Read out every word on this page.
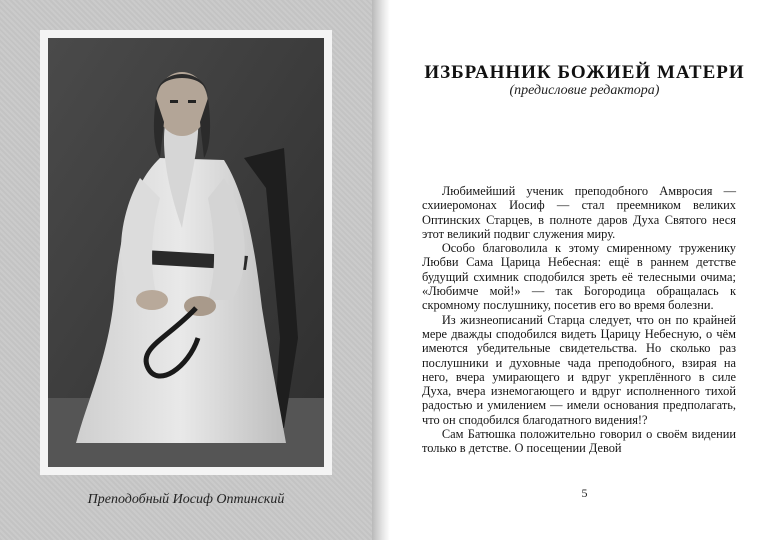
Преподобный Иосиф Оптинский
ИЗБРАННИК БОЖИЕЙ МАТЕРИ
(предисловие редактора)

Любимейший ученик преподобного Амвросия — схииеромонах Иосиф — стал преемником великих Оптинских Старцев, в полноте даров Духа Святого неся этот великий подвиг служения миру.

Особо благоволила к этому смиренному труженику Любви Сама Царица Небесная: ещё в раннем детстве будущий схимник сподобился зреть её телесными очима; «Любимче мой!» — так Богородица обращалась к скромному послушнику, посетив его во время болезни.

Из жизнеописаний Старца следует, что он по крайней мере дважды сподобился видеть Царицу Небесную, о чём имеются убедительные свидетельства. Но сколько раз послушники и духовные чада преподобного, взирая на него, вчера умирающего и вдруг укреплённого в силе Духа, вчера изнемогающего и вдруг исполненного тихой радостью и умилением — имели основания предполагать, что он сподобился благодатного видения!?

Сам Батюшка положительно говорил о своём видении только в детстве. О посещении Девой

5
